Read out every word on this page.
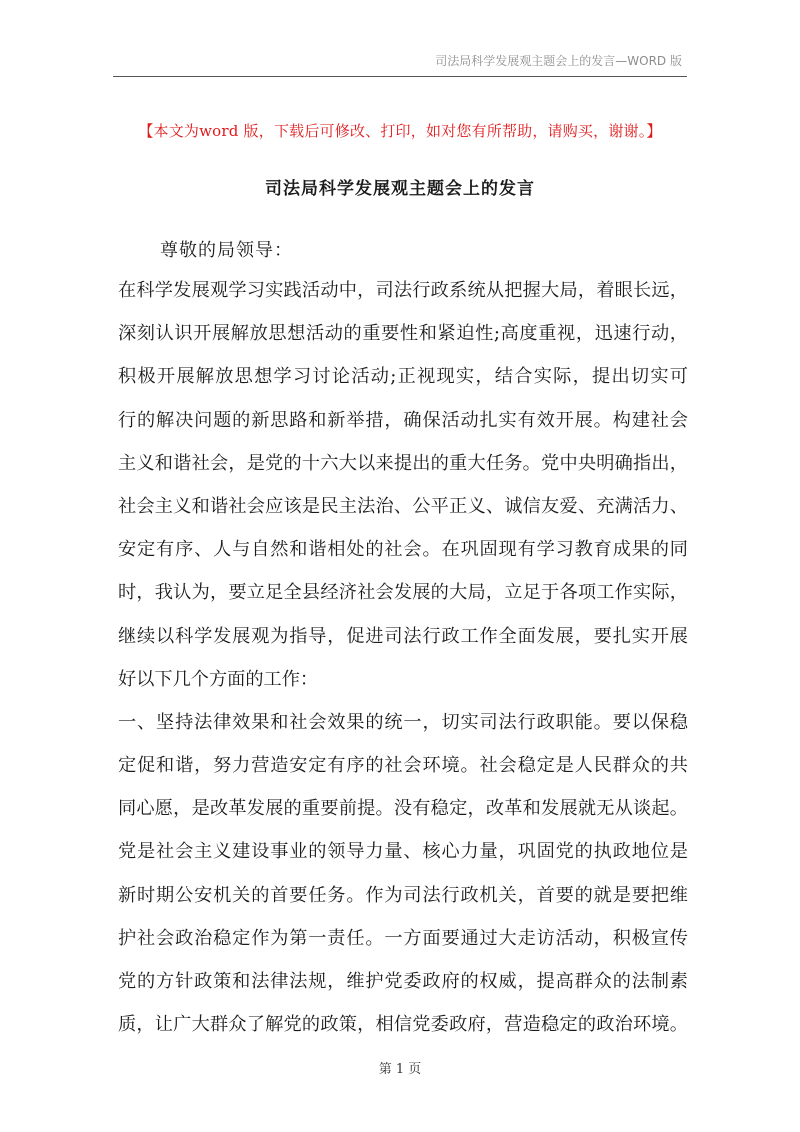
司法局科学发展观主题会上的发言—WORD 版
【本文为word 版，下载后可修改、打印，如对您有所帮助，请购买，谢谢。】
司法局科学发展观主题会上的发言
尊敬的局领导：
在科学发展观学习实践活动中，司法行政系统从把握大局，着眼长远，
深刻认识开展解放思想活动的重要性和紧迫性;高度重视，迅速行动，
积极开展解放思想学习讨论活动;正视现实，结合实际，提出切实可
行的解决问题的新思路和新举措，确保活动扎实有效开展。构建社会
主义和谐社会，是党的十六大以来提出的重大任务。党中央明确指出，
社会主义和谐社会应该是民主法治、公平正义、诚信友爱、充满活力、
安定有序、人与自然和谐相处的社会。在巩固现有学习教育成果的同
时，我认为，要立足全县经济社会发展的大局，立足于各项工作实际，
继续以科学发展观为指导，促进司法行政工作全面发展，要扎实开展
好以下几个方面的工作：
一、坚持法律效果和社会效果的统一，切实司法行政职能。要以保稳
定促和谐，努力营造安定有序的社会环境。社会稳定是人民群众的共
同心愿，是改革发展的重要前提。没有稳定，改革和发展就无从谈起。
党是社会主义建设事业的领导力量、核心力量，巩固党的执政地位是
新时期公安机关的首要任务。作为司法行政机关，首要的就是要把维
护社会政治稳定作为第一责任。一方面要通过大走访活动，积极宣传
党的方针政策和法律法规，维护党委政府的权威，提高群众的法制素
质，让广大群众了解党的政策，相信党委政府，营造稳定的政治环境。
第 1 页
